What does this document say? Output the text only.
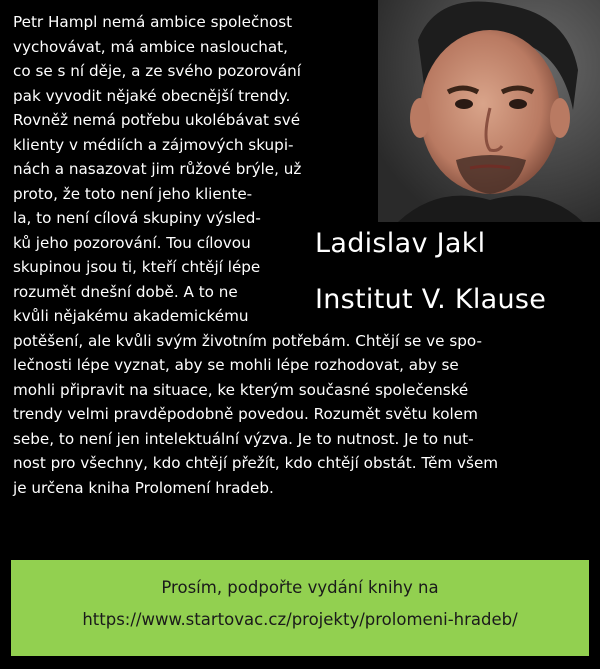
Petr Hampl nemá ambice společnost
vychovávat, má ambice naslouchat,
co se s ní děje, a ze svého pozorování
pak vyvodit nějaké obecnější trendy.
Rovněž nemá potřebu ukolébávat své
klienty v médiích a zájmových skupi-
nách a nasazovat jim růžové brýle, už
proto, že toto není jeho kliente-
la, to není cílová skupiny výsled-
ků jeho pozorování. Tou cílovou
skupinou jsou ti, kteří chtějí lépe
rozumět dnešní době. A to ne
kvůli nějakému akademickému
potěšení, ale kvůli svým životním potřebám. Chtějí se ve spo-
lečnosti lépe vyznat, aby se mohli lépe rozhodovat, aby se
mohli připravit na situace, ke kterým současné společenské
trendy velmi pravděpodobně povedou. Rozumět světu kolem
sebe, to není jen intelektuální výzva. Je to nutnost. Je to nut-
nost pro všechny, kdo chtějí přežít, kdo chtějí obstát. Těm všem
je určena kniha Prolomení hradeb.
Ladislav Jakl
Institut V. Klause
Prosím, podpořte vydání knihy na
https://www.startovac.cz/projekty/prolomeni-hradeb/
